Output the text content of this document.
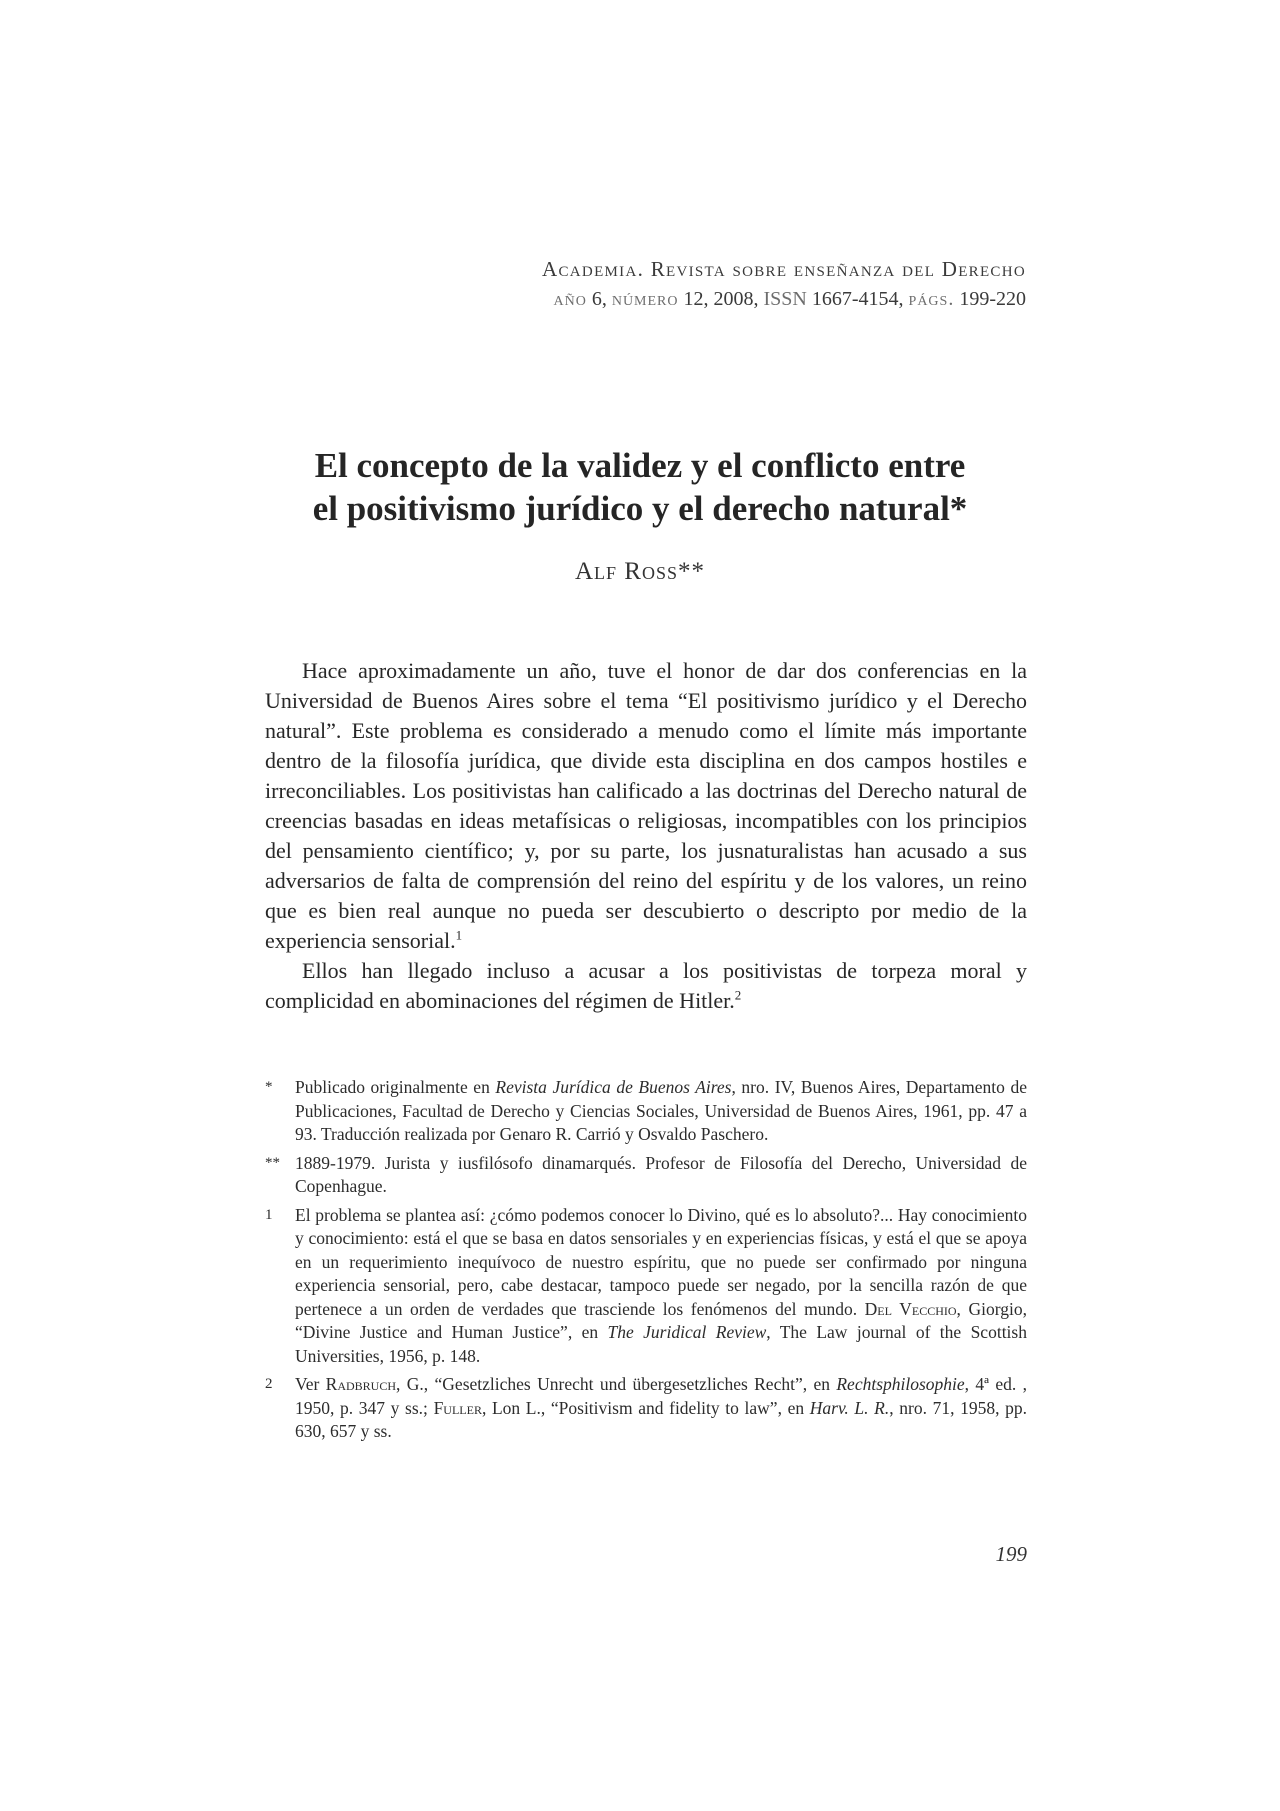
Academia. Revista sobre enseñanza del Derecho
año 6, número 12, 2008, ISSN 1667-4154, págs. 199-220
El concepto de la validez y el conflicto entre
el positivismo jurídico y el derecho natural*
Alf Ross**

Hace aproximadamente un año, tuve el honor de dar dos conferencias en la Universidad de Buenos Aires sobre el tema “El positivismo jurídico y el Derecho natural”. Este problema es considerado a menudo como el límite más importante dentro de la filosofía jurídica, que divide esta disciplina en dos campos hostiles e irreconciliables. Los positivistas han calificado a las doctrinas del Derecho natural de creencias basadas en ideas metafísicas o religiosas, incompatibles con los principios del pensamiento científico; y, por su parte, los jusnaturalistas han acusado a sus adversarios de falta de comprensión del reino del espíritu y de los valores, un reino que es bien real aunque no pueda ser descubierto o descripto por medio de la experiencia sensorial.$^1$

Ellos han llegado incluso a acusar a los positivistas de torpeza moral y complicidad en abominaciones del régimen de Hitler.$^2$

* Publicado originalmente en Revista Jurídica de Buenos Aires, nro. IV, Buenos Aires, Departamento de Publicaciones, Facultad de Derecho y Ciencias Sociales, Universidad de Buenos Aires, 1961, pp. 47 a 93. Traducción realizada por Genaro R. Carrió y Osvaldo Paschero.
** 1889-1979. Jurista y iusfilósofo dinamarqués. Profesor de Filosofía del Derecho, Universidad de Copenhague.
1 El problema se plantea así: ¿cómo podemos conocer lo Divino, qué es lo absoluto?... Hay conocimiento y conocimiento: está el que se basa en datos sensoriales y en experiencias físicas, y está el que se apoya en un requerimiento inequívoco de nuestro espíritu, que no puede ser confirmado por ninguna experiencia sensorial, pero, cabe destacar, tampoco puede ser negado, por la sencilla razón de que pertenece a un orden de verdades que trasciende los fenómenos del mundo. Del Vecchio, Giorgio, “Divine Justice and Human Justice”, en The Juridical Review, The Law journal of the Scottish Universities, 1956, p. 148.
2 Ver Radbruch, G., “Gesetzliches Unrecht und übergesetzliches Recht”, en Rechtsphilosophie, 4ª ed. , 1950, p. 347 y ss.; Fuller, Lon L., “Positivism and fidelity to law”, en Harv. L. R., nro. 71, 1958, pp. 630, 657 y ss.
199
